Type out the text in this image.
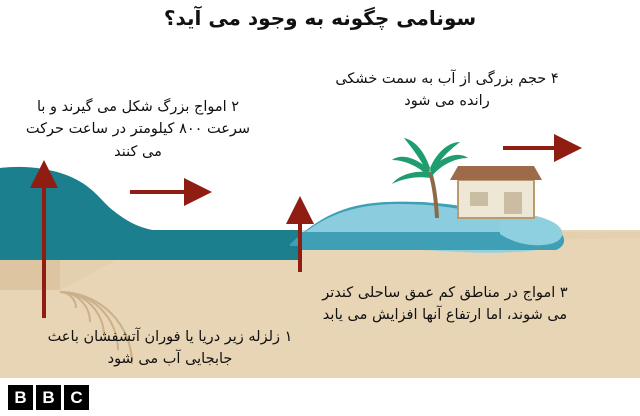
سونامی چگونه به وجود می آید؟
۱ زلزله زیر دریا یا فوران آتشفشان باعث جابجایی آب می شود
۲ امواج بزرگ شکل می گیرند و با سرعت ۸۰۰ کیلومتر در ساعت حرکت می کنند
۳ امواج در مناطق کم عمق ساحلی کندتر می شوند، اما ارتفاع آنها افزایش می یابد
۴ حجم بزرگی از آب به سمت خشکی رانده می شود
B B C
